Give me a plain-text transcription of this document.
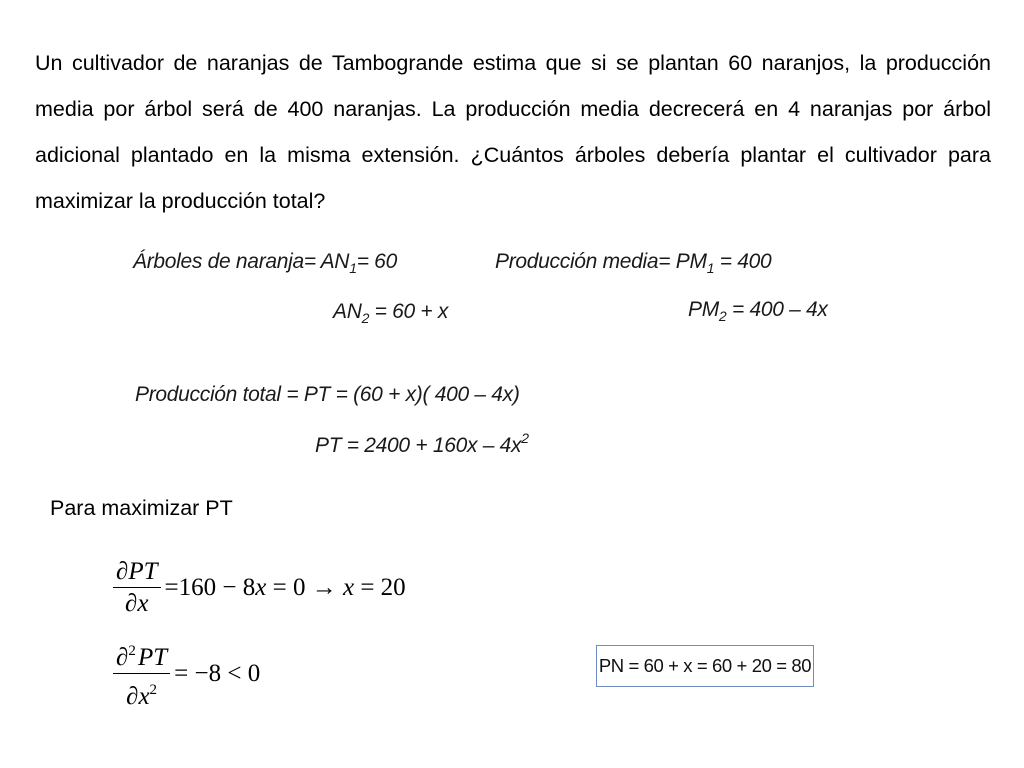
Un cultivador de naranjas de Tambogrande estima que si se plantan 60 naranjos, la producción media por árbol será de 400 naranjas. La producción media decrecerá en 4 naranjas por árbol adicional plantado en la misma extensión. ¿Cuántos árboles debería plantar el cultivador para maximizar la producción total?

Árboles de naranja= $AN_1= 60$	Producción media= $PM_1 = 400$
$AN_2 = 60 + x$	$PM_2 = 400 - 4x$
Producción total = PT = (60 + x)( 400 – 4x)
PT = $2400 + 160x - 4x^2$
Para maximizar PT
$\frac{\partial PT}{\partial x} =160 - 8$ x = 0 → x = 20
$\frac{\partial^2 PT}{\partial x^2} = -8 < 0$	PN = 60 + x = 60 + 20 = 80
